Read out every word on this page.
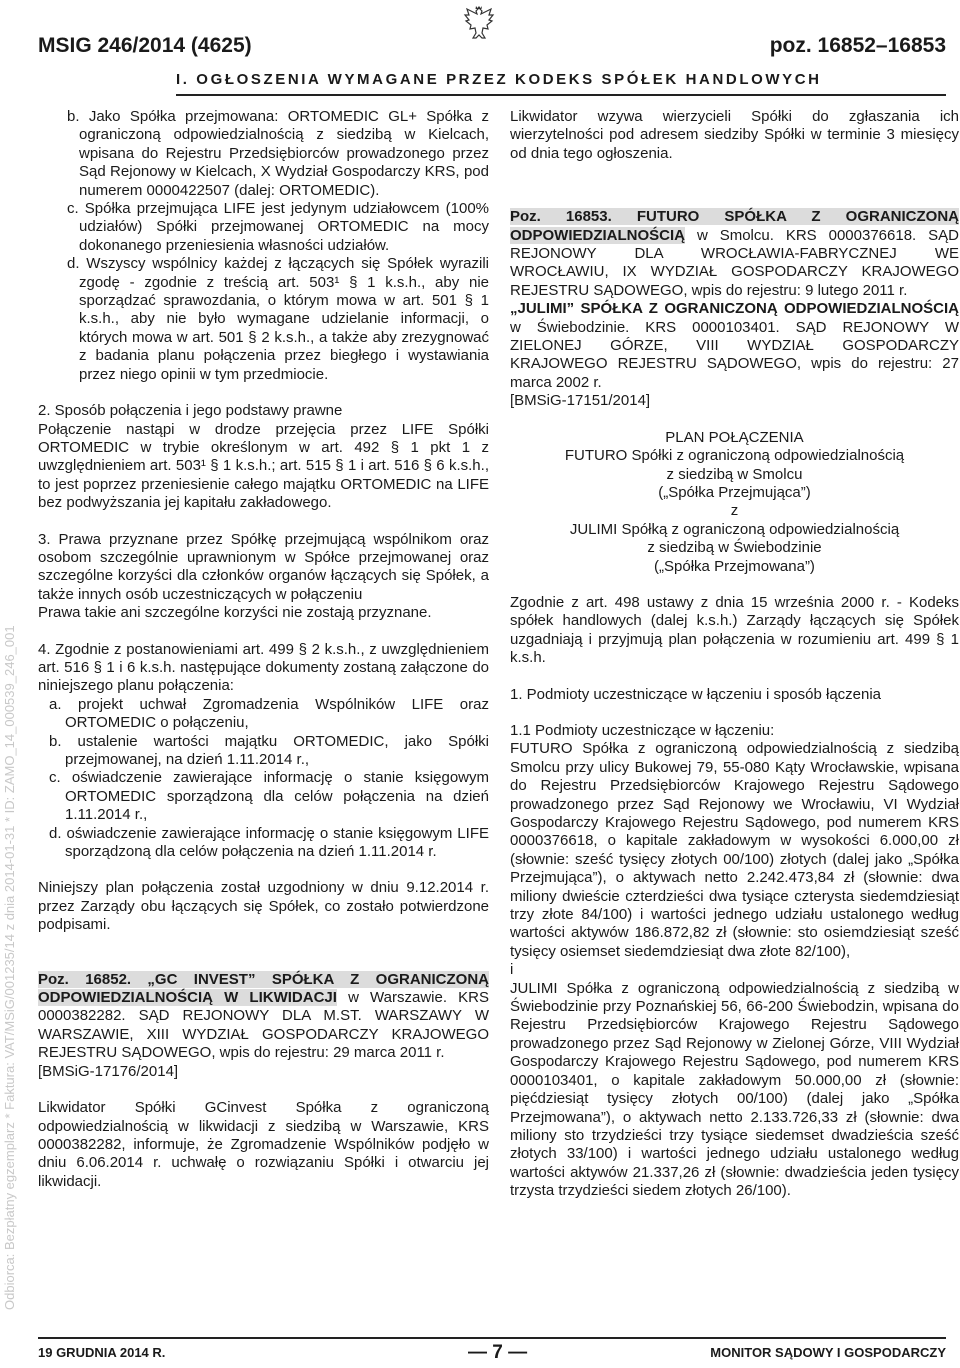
MSIG 246/2014 (4625)	poz. 16852–16853
I. OGŁOSZENIA WYMAGANE PRZEZ KODEKS SPÓŁEK HANDLOWYCH
Odbiorca: Bezpłatny egzemplarz * Faktura: VAT/MSiG/001235/14 z dnia 2014-01-31 * ID: ZAMO_14_000539_246_001

b. Jako Spółka przejmowana: ORTOMEDIC GL+ Spółka z ograniczoną odpowiedzialnością z siedzibą w Kielcach, wpisana do Rejestru Przedsiębiorców prowadzonego przez Sąd Rejonowy w Kielcach, X Wydział Gospodarczy KRS, pod numerem 0000422507 (dalej: ORTOMEDIC).

c. Spółka przejmująca LIFE jest jedynym udziałowcem (100% udziałów) Spółki przejmowanej ORTOMEDIC na mocy dokonanego przeniesienia własności udziałów.

d. Wszyscy wspólnicy każdej z łączących się Spółek wyrazili zgodę - zgodnie z treścią art. 503¹ § 1 k.s.h., aby nie sporządzać sprawozdania, o którym mowa w art. 501 § 1 k.s.h., aby nie było wymagane udzielanie informacji, o których mowa w art. 501 § 2 k.s.h., a także aby zrezygnować z badania planu połączenia przez biegłego i wystawiania przez niego opinii w tym przedmiocie.

2. Sposób połączenia i jego podstawy prawne

Połączenie nastąpi w drodze przejęcia przez LIFE Spółki ORTOMEDIC w trybie określonym w art. 492 § 1 pkt 1 z uwzględnieniem art. 503¹ § 1 k.s.h.; art. 515 § 1 i art. 516 § 6 k.s.h., to jest poprzez przeniesienie całego majątku ORTOMEDIC na LIFE bez podwyższania jej kapitału zakładowego.

3. Prawa przyznane przez Spółkę przejmującą wspólnikom oraz osobom szczególnie uprawnionym w Spółce przejmowanej oraz szczególne korzyści dla członków organów łączących się Spółek, a także innych osób uczestniczących w połączeniu

Prawa takie ani szczególne korzyści nie zostają przyznane.

4. Zgodnie z postanowieniami art. 499 § 2 k.s.h., z uwzględnieniem art. 516 § 1 i 6 k.s.h. następujące dokumenty zostaną załączone do niniejszego planu połączenia:

a. projekt uchwał Zgromadzenia Wspólników LIFE oraz ORTOMEDIC o połączeniu,

b. ustalenie wartości majątku ORTOMEDIC, jako Spółki przejmowanej, na dzień 1.11.2014 r.,

c. oświadczenie zawierające informację o stanie księgowym ORTOMEDIC sporządzoną dla celów połączenia na dzień 1.11.2014 r.,

d. oświadczenie zawierające informację o stanie księgowym LIFE sporządzoną dla celów połączenia na dzień 1.11.2014 r.

Niniejszy plan połączenia został uzgodniony w dniu 9.12.2014 r. przez Zarządy obu łączących się Spółek, co zostało potwierdzone podpisami.

Poz. 16852. „GC INVEST” SPÓŁKA Z OGRANICZONĄ ODPOWIEDZIALNOŚCIĄ W LIKWIDACJI w Warszawie. KRS 0000382282. SĄD REJONOWY DLA M.ST. WARSZAWY W WARSZAWIE, XIII WYDZIAŁ GOSPODARCZY KRAJOWEGO REJESTRU SĄDOWEGO, wpis do rejestru: 29 marca 2011 r.

[BMSiG-17176/2014]

Likwidator Spółki GCinvest Spółka z ograniczoną odpowiedzialnością w likwidacji z siedzibą w Warszawie, KRS 0000382282, informuje, że Zgromadzenie Wspólników podjęło w dniu 6.06.2014 r. uchwałę o rozwiązaniu Spółki i otwarciu jej likwidacji.

Likwidator wzywa wierzycieli Spółki do zgłaszania ich wierzytelności pod adresem siedziby Spółki w terminie 3 miesięcy od dnia tego ogłoszenia.

Poz. 16853. FUTURO SPÓŁKA Z OGRANICZONĄ ODPOWIEDZIALNOŚCIĄ w Smolcu. KRS 0000376618. SĄD REJONOWY DLA WROCŁAWIA-FABRYCZNEJ WE WROCŁAWIU, IX WYDZIAŁ GOSPODARCZY KRAJOWEGO REJESTRU SĄDOWEGO, wpis do rejestru: 9 lutego 2011 r.

„JULIMI” SPÓŁKA Z OGRANICZONĄ ODPOWIEDZIALNOŚCIĄ w Świebodzinie. KRS 0000103401. SĄD REJONOWY W ZIELONEJ GÓRZE, VIII WYDZIAŁ GOSPODARCZY KRAJOWEGO REJESTRU SĄDOWEGO, wpis do rejestru: 27 marca 2002 r.

[BMSiG-17151/2014]

PLAN POŁĄCZENIA

FUTURO Spółki z ograniczoną odpowiedzialnością

z siedzibą w Smolcu

(„Spółka Przejmująca”)

z

JULIMI Spółką z ograniczoną odpowiedzialnością

z siedzibą w Świebodzinie

(„Spółka Przejmowana”)

Zgodnie z art. 498 ustawy z dnia 15 września 2000 r. - Kodeks spółek handlowych (dalej k.s.h.) Zarządy łączących się Spółek uzgadniają i przyjmują plan połączenia w rozumieniu art. 499 § 1 k.s.h.

1. Podmioty uczestniczące w łączeniu i sposób łączenia

1.1 Podmioty uczestniczące w łączeniu:

FUTURO Spółka z ograniczoną odpowiedzialnością z siedzibą Smolcu przy ulicy Bukowej 79, 55-080 Kąty Wrocławskie, wpisana do Rejestru Przedsiębiorców Krajowego Rejestru Sądowego prowadzonego przez Sąd Rejonowy we Wrocławiu, VI Wydział Gospodarczy Krajowego Rejestru Sądowego, pod numerem KRS 0000376618, o kapitale zakładowym w wysokości 6.000,00 zł (słownie: sześć tysięcy złotych 00/100) złotych (dalej jako „Spółka Przejmująca”), o aktywach netto 2.242.473,84 zł (słownie: dwa miliony dwieście czterdzieści dwa tysiące czterysta siedemdziesiąt trzy złote 84/100) i wartości jednego udziału ustalonego według wartości aktywów 186.872,82 zł (słownie: sto osiemdziesiąt sześć tysięcy osiemset siedemdziesiąt dwa złote 82/100),

i

JULIMI Spółka z ograniczoną odpowiedzialnością z siedzibą w Świebodzinie przy Poznańskiej 56, 66-200 Świebodzin, wpisana do Rejestru Przedsiębiorców Krajowego Rejestru Sądowego prowadzonego przez Sąd Rejonowy w Zielonej Górze, VIII Wydział Gospodarczy Krajowego Rejestru Sądowego, pod numerem KRS 0000103401, o kapitale zakładowym 50.000,00 zł (słownie: pięćdziesiąt tysięcy złotych 00/100) (dalej jako „Spółka Przejmowana”), o aktywach netto 2.133.726,33 zł (słownie: dwa miliony sto trzydzieści trzy tysiące siedemset dwadzieścia sześć złotych 33/100) i wartości jednego udziału ustalonego według wartości aktywów 21.337,26 zł (słownie: dwadzieścia jeden tysięcy trzysta trzydzieści siedem złotych 26/100).

19 GRUDNIA 2014 R.	— 7 —	MONITOR SĄDOWY I GOSPODARCZY
